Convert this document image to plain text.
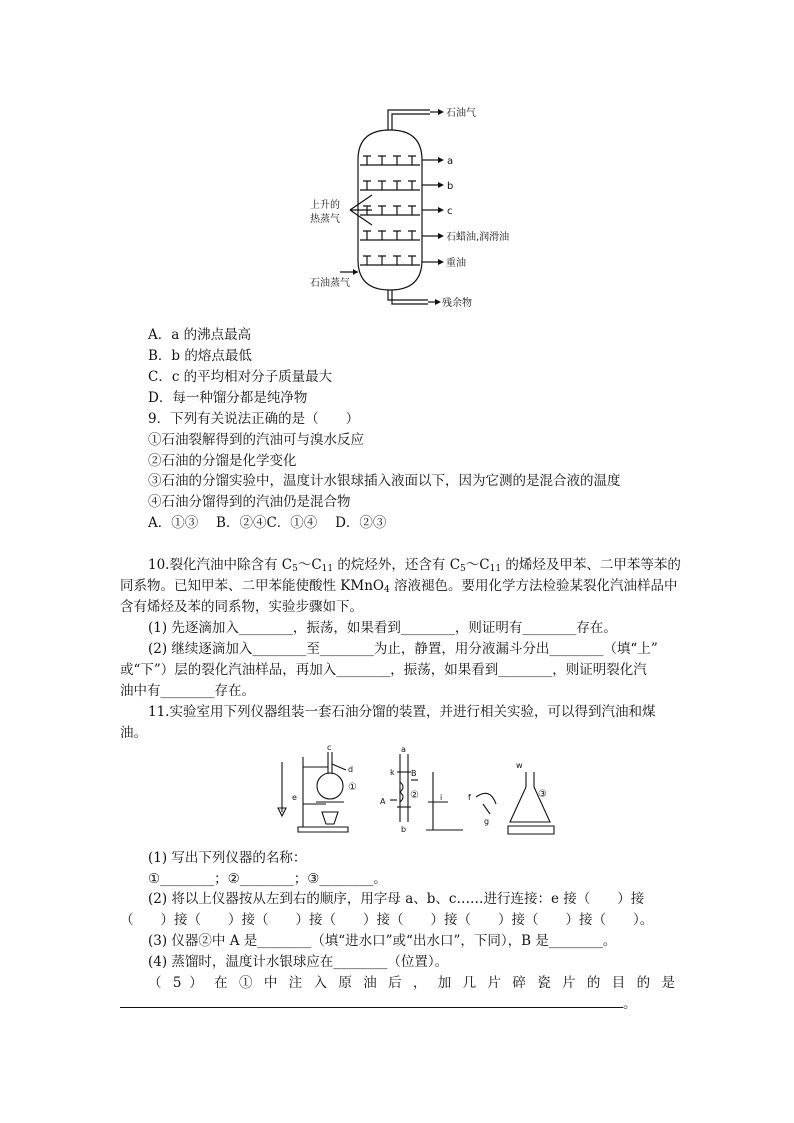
石油气
a
b
c
石蜡油,润滑油
重油
残余物
上升的
热蒸气
石油蒸气
A．a 的沸点最高
B．b 的熔点最低
C．c 的平均相对分子质量最大
D．每一种馏分都是纯净物
9．下列有关说法正确的是（　　）
①石油裂解得到的汽油可与溴水反应
②石油的分馏是化学变化
③石油的分馏实验中，温度计水银球插入液面以下，因为它测的是混合液的温度
④石油分馏得到的汽油仍是混合物
A．①③　 B．②④C．①④　 D．②③
10.裂化汽油中除含有 $C_5\sim C_{11}$ 的烷烃外，还含有 $C_5\sim C_{11}$ 的烯烃及甲苯、二甲苯等苯的
同系物。已知甲苯、二甲苯能使酸性 KMnO$_4$ 溶液褪色。要用化学方法检验某裂化汽油样品中
含有烯烃及苯的同系物，实验步骤如下。
(1) 先逐滴加入________，振荡，如果看到________，则证明有________存在。
(2) 继续逐滴加入________至________为止，静置，用分液漏斗分出________（填“上”
或“下”）层的裂化汽油样品，再加入________，振荡，如果看到________，则证明裂化汽
油中有________存在。
11.实验室用下列仪器组装一套石油分馏的装置，并进行相关实验，可以得到汽油和煤
油。
c
d
e
①
a
k B
A
②
b
i	f
g
w
③
(1) 写出下列仪器的名称：
①________；②________；③________。
(2) 将以上仪器按从左到右的顺序，用字母 a、b、c……进行连接：e 接（　　）接
（　　）接（　　）接（　　）接（　　）接（　　）接（　　）接（　　）接（　　）。
(3) 仪器②中 A 是________（填“进水口”或“出水口”，下同），B 是________。
(4) 蒸馏时，温度计水银球应在________（位置）。
（ 5 ） 在 ① 中 注 入 原 油 后 ， 加 几 片 碎 瓷 片 的 目 的 是
。
